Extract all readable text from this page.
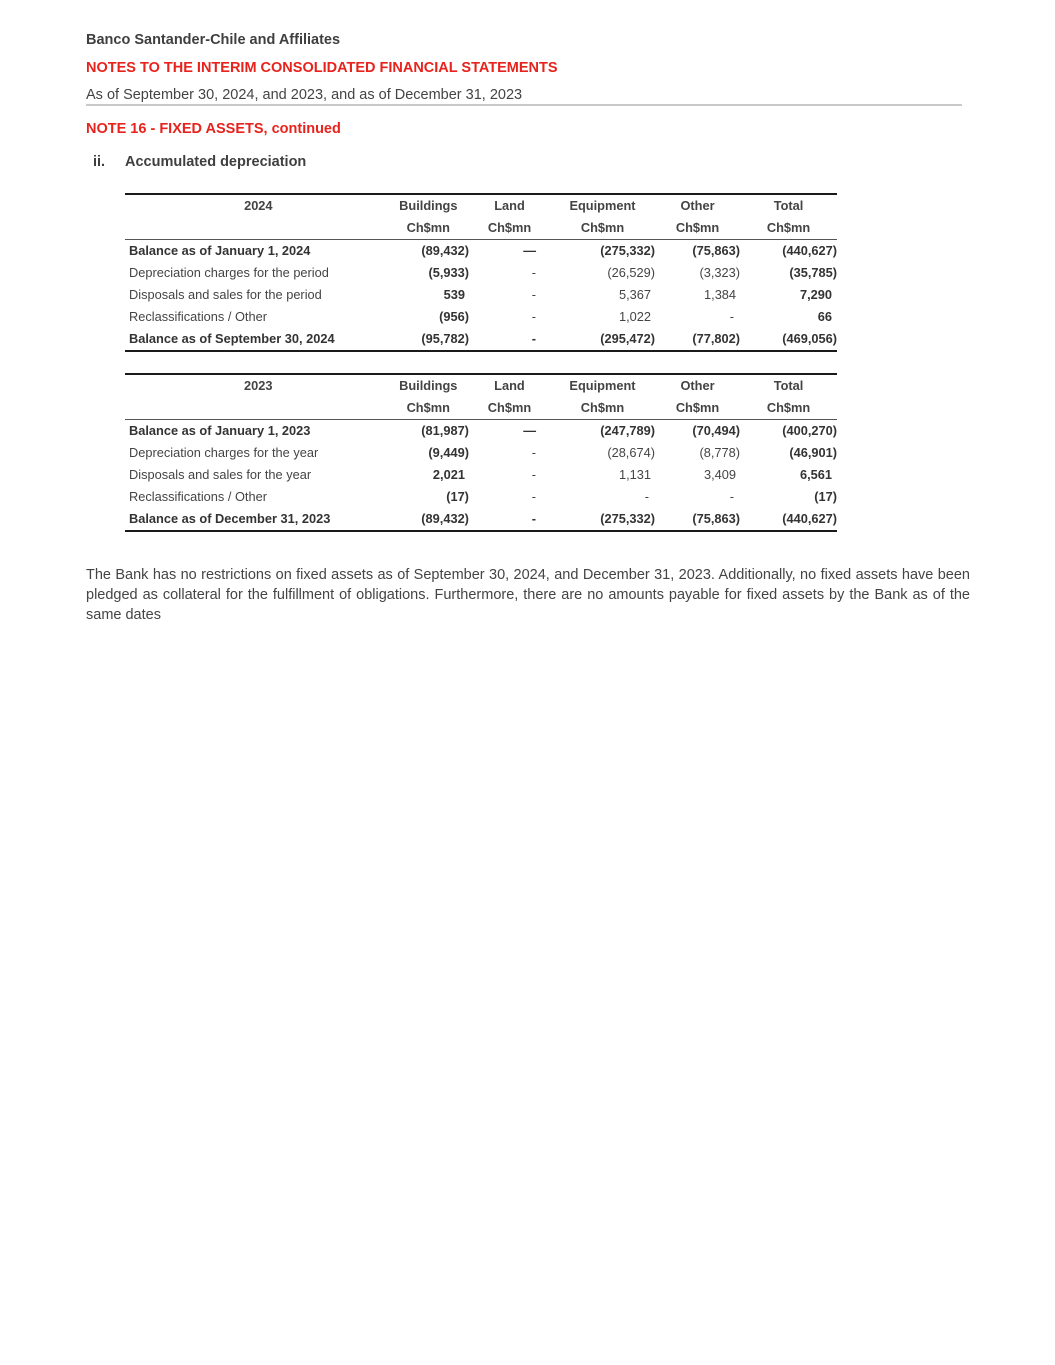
Banco Santander-Chile and Affiliates
NOTES TO THE INTERIM CONSOLIDATED FINANCIAL STATEMENTS
As of September 30, 2024, and 2023, and as of December 31, 2023
NOTE 16 - FIXED ASSETS, continued
ii. Accumulated depreciation
2024	Buildings	Land	Equipment	Other	Total
	Ch$mn	Ch$mn	Ch$mn	Ch$mn	Ch$mn
Balance as of January 1, 2024	(89,432)	—	(275,332)	(75,863)	(440,627)
Depreciation charges for the period	(5,933)	-	(26,529)	(3,323)	(35,785)
Disposals and sales for the period	539	-	5,367	1,384	7,290
Reclassifications / Other	(956)	-	1,022	-	66
Balance as of September 30, 2024	(95,782)	-	(295,472)	(77,802)	(469,056)
2023	Buildings	Land	Equipment	Other	Total
	Ch$mn	Ch$mn	Ch$mn	Ch$mn	Ch$mn
Balance as of January 1, 2023	(81,987)	—	(247,789)	(70,494)	(400,270)
Depreciation charges for the year	(9,449)	-	(28,674)	(8,778)	(46,901)
Disposals and sales for the year	2,021	-	1,131	3,409	6,561
Reclassifications / Other	(17)	-	-	-	(17)
Balance as of December 31, 2023	(89,432)	-	(275,332)	(75,863)	(440,627)

The Bank has no restrictions on fixed assets as of September 30, 2024, and December 31, 2023. Additionally, no fixed assets have been pledged as collateral for the fulfillment of obligations. Furthermore, there are no amounts payable for fixed assets by the Bank as of the same dates
